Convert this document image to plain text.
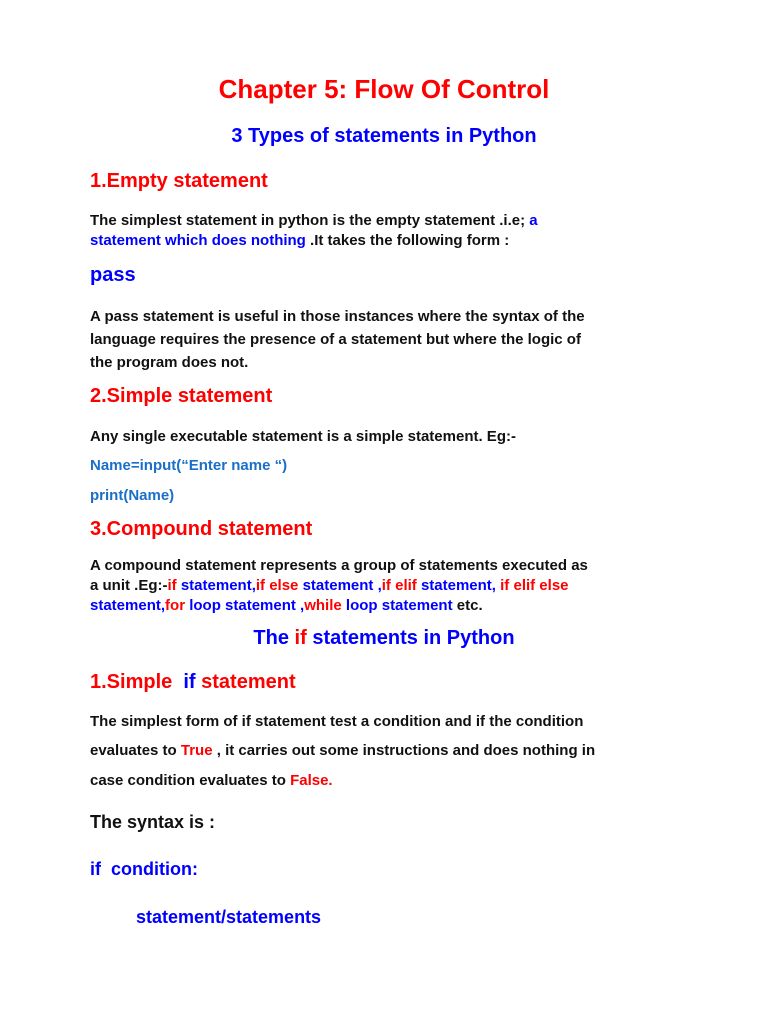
Chapter 5: Flow Of Control
3 Types of statements in Python
1.Empty statement
The simplest statement in python is the empty statement .i.e; a
statement which does nothing .It takes the following form :
pass
A pass statement is useful in those instances where the syntax of the
language requires the presence of a statement but where the logic of
the program does not.
2.Simple statement
Any single executable statement is a simple statement. Eg:-
Name=input(“Enter name “)
print(Name)
3.Compound statement
A compound statement represents a group of statements executed as
a unit .Eg:-if statement,if else statement ,if elif statement, if elif else
statement,for loop statement ,while loop statement etc.
The if statements in Python
1.Simple  if statement
The simplest form of if statement test a condition and if the condition
evaluates to True , it carries out some instructions and does nothing in
case condition evaluates to False.
The syntax is :
if  condition:
statement/statements
